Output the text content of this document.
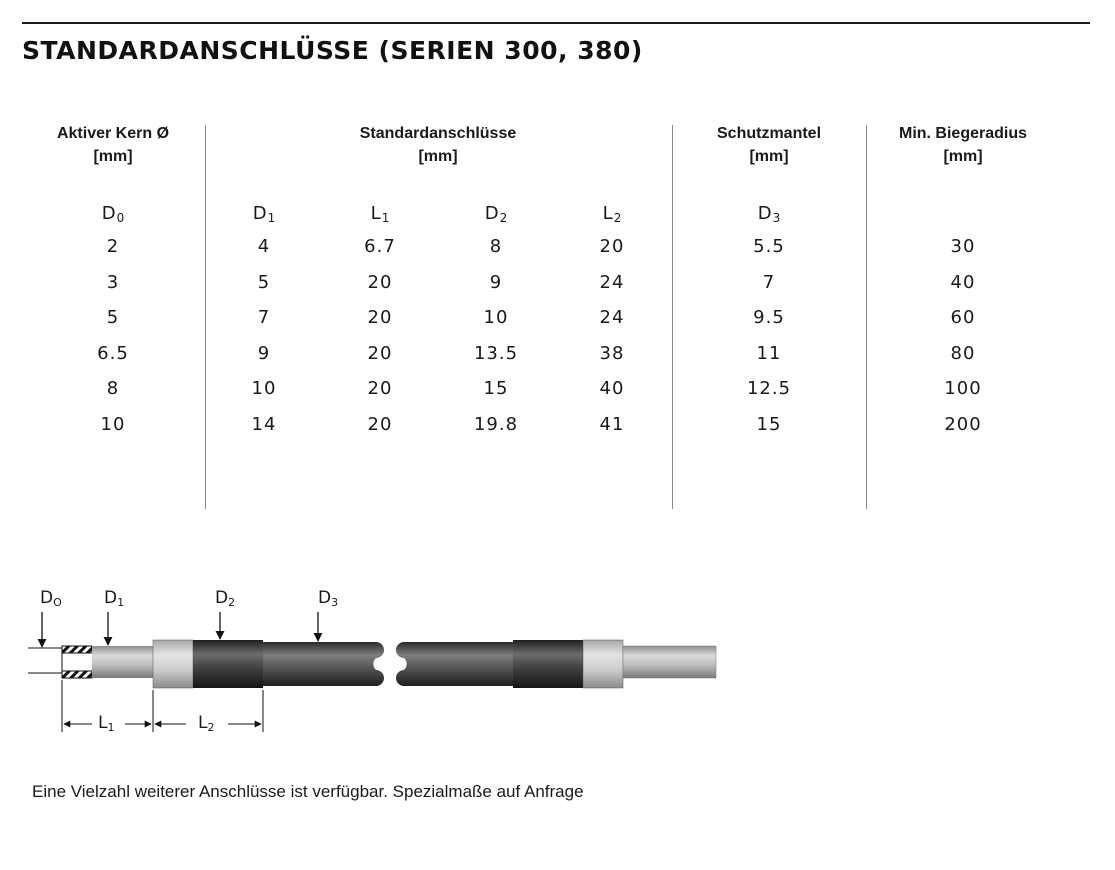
STANDARDANSCHLÜSSE (SERIEN 300, 380)
Aktiver Kern Ø
[mm]
Standardanschlüsse
[mm]
Schutzmantel
[mm]
Min. Biegeradius
[mm]
$D_0$	$D_1$	$L_1$	$D_2$	$L_2$	$D_3$
2	4	6.7	8	20	5.5	30
3	5	20	9	24	7	40
5	7	20	10	24	9.5	60
6.5	9	20	13.5	38	11	80
8	10	20	15	40	12.5	100
10	14	20	19.8	41	15	200
$D_O$ $D_1$	$D_2$	$D_3$
$L_1$	$L_2$

Eine Vielzahl weiterer Anschlüsse ist verfügbar. Spezialmaße auf Anfrage
